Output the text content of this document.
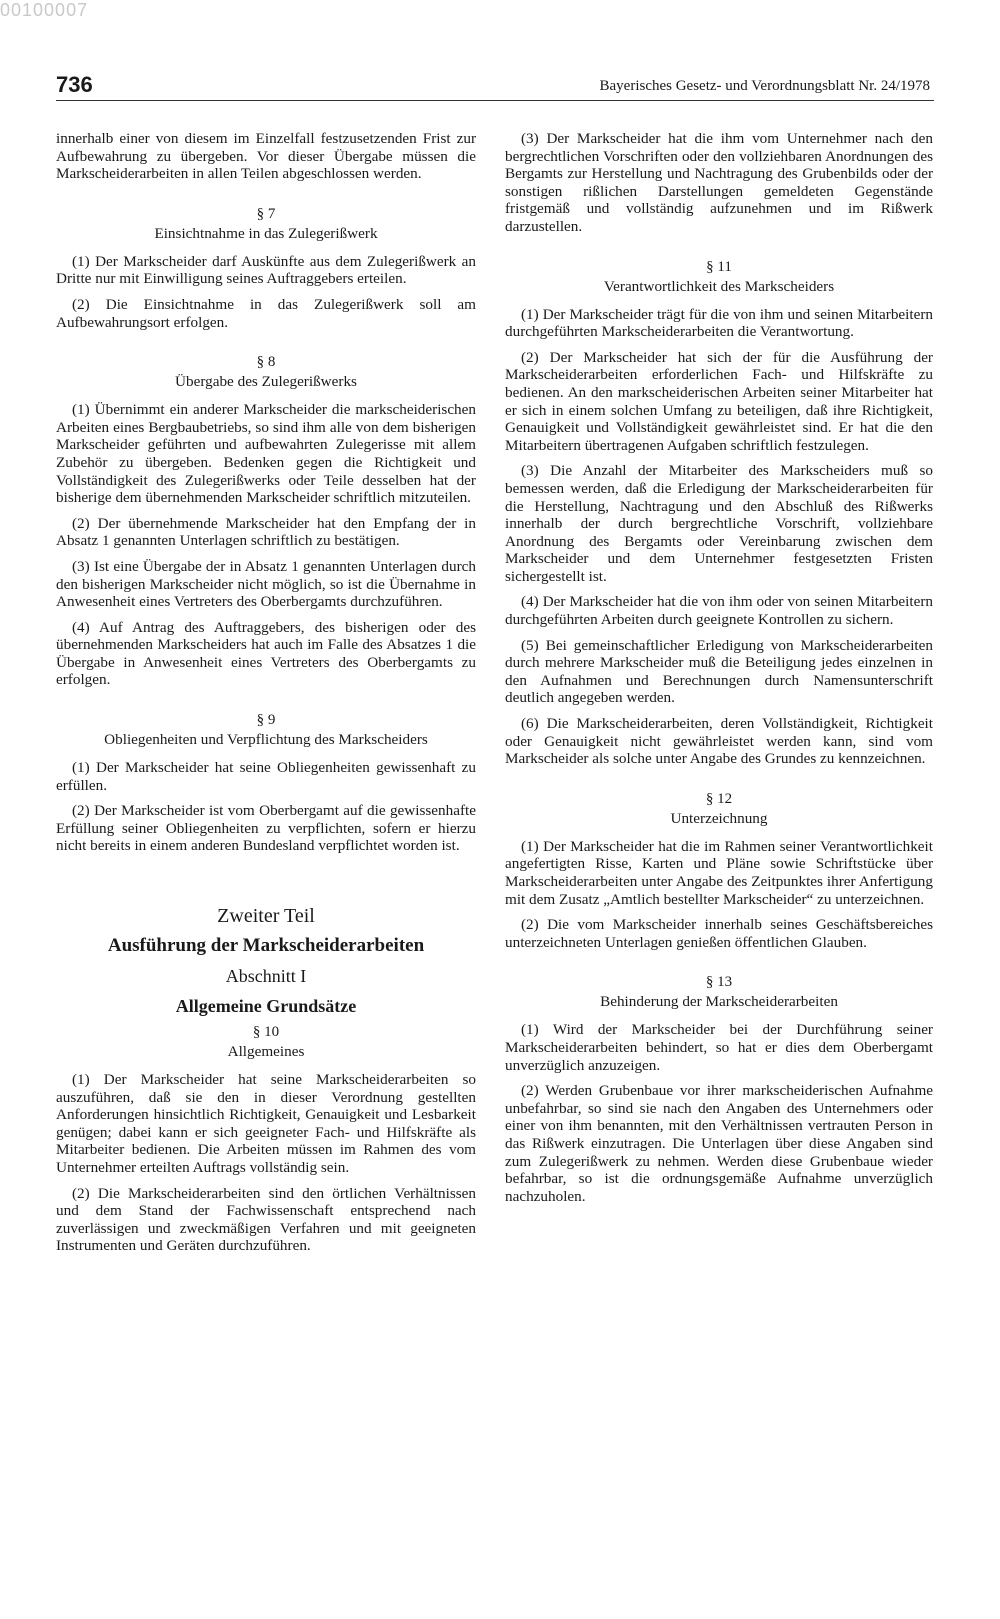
00100007
736	Bayerisches Gesetz- und Verordnungsblatt Nr. 24/1978

innerhalb einer von diesem im Einzelfall festzusetzenden Frist zur Aufbewahrung zu übergeben. Vor dieser Übergabe müssen die Markscheiderarbeiten in allen Teilen abgeschlossen werden.

§ 7
Einsichtnahme in das Zulegerißwerk

(1) Der Markscheider darf Auskünfte aus dem Zulegerißwerk an Dritte nur mit Einwilligung seines Auftraggebers erteilen.

(2) Die Einsichtnahme in das Zulegerißwerk soll am Aufbewahrungsort erfolgen.

§ 8
Übergabe des Zulegerißwerks

(1) Übernimmt ein anderer Markscheider die markscheiderischen Arbeiten eines Bergbaubetriebs, so sind ihm alle von dem bisherigen Markscheider geführten und aufbewahrten Zulegerisse mit allem Zubehör zu übergeben. Bedenken gegen die Richtigkeit und Vollständigkeit des Zulegerißwerks oder Teile desselben hat der bisherige dem übernehmenden Markscheider schriftlich mitzuteilen.

(2) Der übernehmende Markscheider hat den Empfang der in Absatz 1 genannten Unterlagen schriftlich zu bestätigen.

(3) Ist eine Übergabe der in Absatz 1 genannten Unterlagen durch den bisherigen Markscheider nicht möglich, so ist die Übernahme in Anwesenheit eines Vertreters des Oberbergamts durchzuführen.

(4) Auf Antrag des Auftraggebers, des bisherigen oder des übernehmenden Markscheiders hat auch im Falle des Absatzes 1 die Übergabe in Anwesenheit eines Vertreters des Oberbergamts zu erfolgen.

§ 9
Obliegenheiten und Verpflichtung des Markscheiders

(1) Der Markscheider hat seine Obliegenheiten gewissenhaft zu erfüllen.

(2) Der Markscheider ist vom Oberbergamt auf die gewissenhafte Erfüllung seiner Obliegenheiten zu verpflichten, sofern er hierzu nicht bereits in einem anderen Bundesland verpflichtet worden ist.

Zweiter Teil
Ausführung der Markscheiderarbeiten
Abschnitt I
Allgemeine Grundsätze
§ 10
Allgemeines

(1) Der Markscheider hat seine Markscheiderarbeiten so auszuführen, daß sie den in dieser Verordnung gestellten Anforderungen hinsichtlich Richtigkeit, Genauigkeit und Lesbarkeit genügen; dabei kann er sich geeigneter Fach- und Hilfskräfte als Mitarbeiter bedienen. Die Arbeiten müssen im Rahmen des vom Unternehmer erteilten Auftrags vollständig sein.

(2) Die Markscheiderarbeiten sind den örtlichen Verhältnissen und dem Stand der Fachwissenschaft entsprechend nach zuverlässigen und zweckmäßigen Verfahren und mit geeigneten Instrumenten und Geräten durchzuführen.

(3) Der Markscheider hat die ihm vom Unternehmer nach den bergrechtlichen Vorschriften oder den vollziehbaren Anordnungen des Bergamts zur Herstellung und Nachtragung des Grubenbilds oder der sonstigen rißlichen Darstellungen gemeldeten Gegenstände fristgemäß und vollständig aufzunehmen und im Rißwerk darzustellen.

§ 11
Verantwortlichkeit des Markscheiders

(1) Der Markscheider trägt für die von ihm und seinen Mitarbeitern durchgeführten Markscheiderarbeiten die Verantwortung.

(2) Der Markscheider hat sich der für die Ausführung der Markscheiderarbeiten erforderlichen Fach- und Hilfskräfte zu bedienen. An den markscheiderischen Arbeiten seiner Mitarbeiter hat er sich in einem solchen Umfang zu beteiligen, daß ihre Richtigkeit, Genauigkeit und Vollständigkeit gewährleistet sind. Er hat die den Mitarbeitern übertragenen Aufgaben schriftlich festzulegen.

(3) Die Anzahl der Mitarbeiter des Markscheiders muß so bemessen werden, daß die Erledigung der Markscheiderarbeiten für die Herstellung, Nachtragung und den Abschluß des Rißwerks innerhalb der durch bergrechtliche Vorschrift, vollziehbare Anordnung des Bergamts oder Vereinbarung zwischen dem Markscheider und dem Unternehmer festgesetzten Fristen sichergestellt ist.

(4) Der Markscheider hat die von ihm oder von seinen Mitarbeitern durchgeführten Arbeiten durch geeignete Kontrollen zu sichern.

(5) Bei gemeinschaftlicher Erledigung von Markscheiderarbeiten durch mehrere Markscheider muß die Beteiligung jedes einzelnen in den Aufnahmen und Berechnungen durch Namensunterschrift deutlich angegeben werden.

(6) Die Markscheiderarbeiten, deren Vollständigkeit, Richtigkeit oder Genauigkeit nicht gewährleistet werden kann, sind vom Markscheider als solche unter Angabe des Grundes zu kennzeichnen.

§ 12
Unterzeichnung

(1) Der Markscheider hat die im Rahmen seiner Verantwortlichkeit angefertigten Risse, Karten und Pläne sowie Schriftstücke über Markscheiderarbeiten unter Angabe des Zeitpunktes ihrer Anfertigung mit dem Zusatz „Amtlich bestellter Markscheider“ zu unterzeichnen.

(2) Die vom Markscheider innerhalb seines Geschäftsbereiches unterzeichneten Unterlagen genießen öffentlichen Glauben.

§ 13
Behinderung der Markscheiderarbeiten

(1) Wird der Markscheider bei der Durchführung seiner Markscheiderarbeiten behindert, so hat er dies dem Oberbergamt unverzüglich anzuzeigen.

(2) Werden Grubenbaue vor ihrer markscheiderischen Aufnahme unbefahrbar, so sind sie nach den Angaben des Unternehmers oder einer von ihm benannten, mit den Verhältnissen vertrauten Person in das Rißwerk einzutragen. Die Unterlagen über diese Angaben sind zum Zulegerißwerk zu nehmen. Werden diese Grubenbaue wieder befahrbar, so ist die ordnungsgemäße Aufnahme unverzüglich nachzuholen.
